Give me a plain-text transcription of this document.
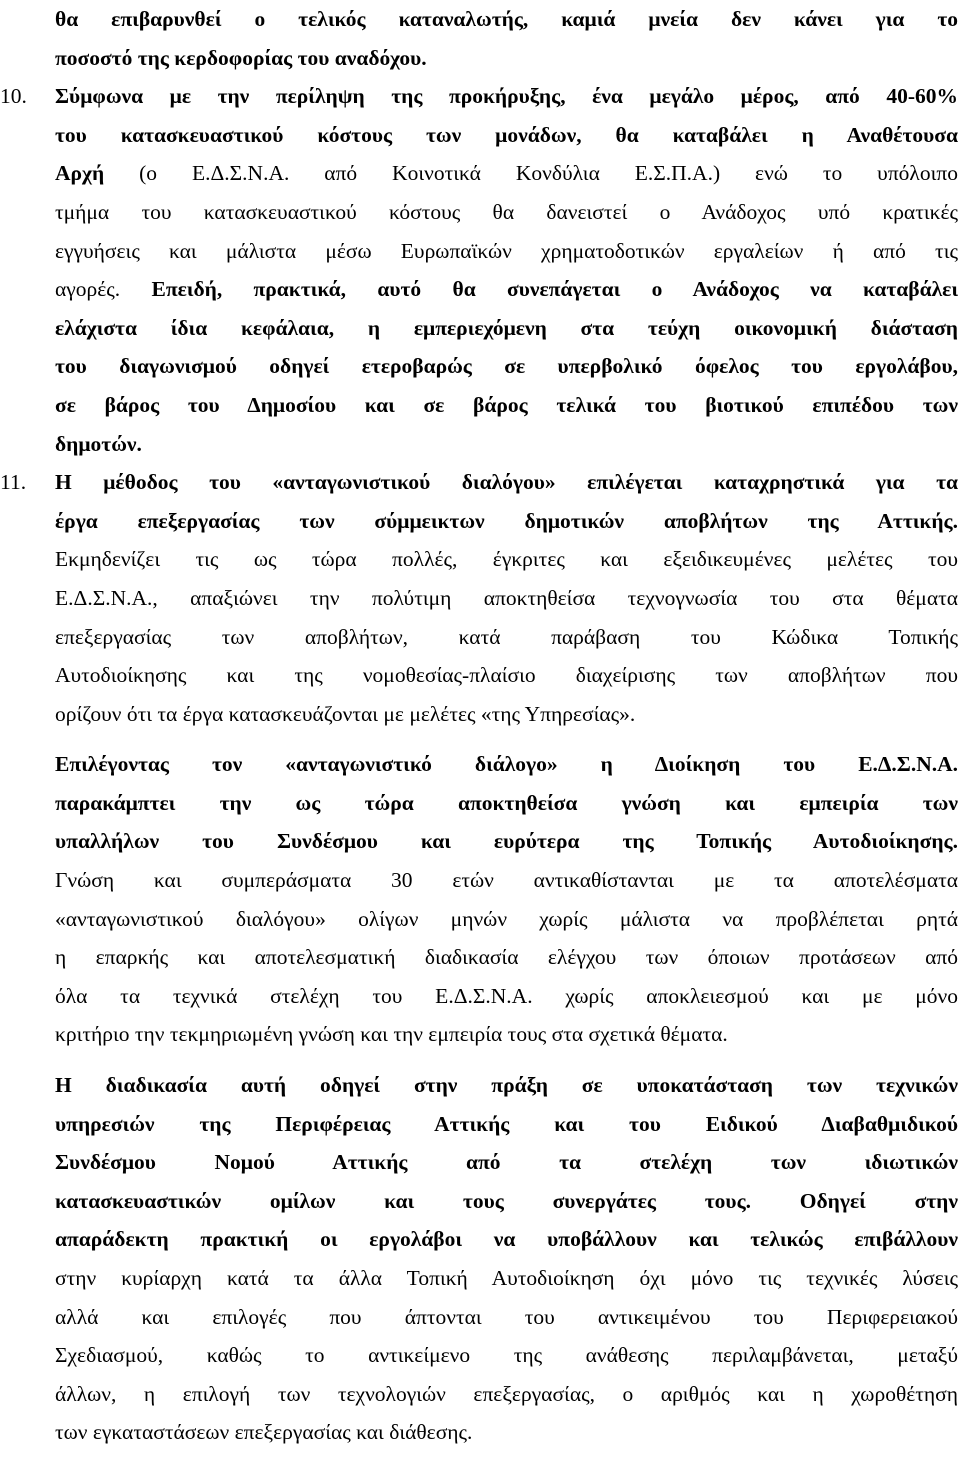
θα επιβαρυνθεί ο τελικός καταναλωτής, καμιά μνεία δεν κάνει για το
ποσοστό της κερδοφορίας του αναδόχου.
10.	Σύμφωνα με την περίληψη της προκήρυξης, ένα μεγάλο μέρος, από 40-60%
του κατασκευαστικού κόστους των μονάδων, θα καταβάλει η Αναθέτουσα
Αρχή (ο Ε.Δ.Σ.Ν.Α. από Κοινοτικά Κονδύλια Ε.Σ.Π.Α.) ενώ το υπόλοιπο
τμήμα του κατασκευαστικού κόστους θα δανειστεί ο Ανάδοχος υπό κρατικές
εγγυήσεις και μάλιστα μέσω Ευρωπαϊκών χρηματοδοτικών εργαλείων ή από τις
αγορές. Επειδή, πρακτικά, αυτό θα συνεπάγεται ο Ανάδοχος να καταβάλει
ελάχιστα ίδια κεφάλαια, η εμπεριεχόμενη στα τεύχη οικονομική διάσταση
του διαγωνισμού οδηγεί ετεροβαρώς σε υπερβολικό όφελος του εργολάβου,
σε βάρος του Δημοσίου και σε βάρος τελικά του βιοτικού επιπέδου των
δημοτών.
11.	Η μέθοδος του «ανταγωνιστικού διαλόγου» επιλέγεται καταχρηστικά για τα
έργα επεξεργασίας των σύμμεικτων δημοτικών αποβλήτων της Αττικής.
Εκμηδενίζει τις ως τώρα πολλές, έγκριτες και εξειδικευμένες μελέτες του
Ε.Δ.Σ.Ν.Α., απαξιώνει την πολύτιμη αποκτηθείσα τεχνογνωσία του στα θέματα
επεξεργασίας των αποβλήτων, κατά παράβαση του Κώδικα Τοπικής
Αυτοδιοίκησης και της νομοθεσίας-πλαίσιο διαχείρισης των αποβλήτων που
ορίζουν ότι τα έργα κατασκευάζονται με μελέτες «της Υπηρεσίας».
Επιλέγοντας τον «ανταγωνιστικό διάλογο» η Διοίκηση του Ε.Δ.Σ.Ν.Α.
παρακάμπτει την ως τώρα αποκτηθείσα γνώση και εμπειρία των
υπαλλήλων του Συνδέσμου και ευρύτερα της Τοπικής Αυτοδιοίκησης.
Γνώση και συμπεράσματα 30 ετών αντικαθίστανται με τα αποτελέσματα
«ανταγωνιστικού διαλόγου» ολίγων μηνών χωρίς μάλιστα να προβλέπεται ρητά
η επαρκής και αποτελεσματική διαδικασία ελέγχου των όποιων προτάσεων από
όλα τα τεχνικά στελέχη του Ε.Δ.Σ.Ν.Α. χωρίς αποκλειεσμού και με μόνο
κριτήριο την τεκμηριωμένη γνώση και την εμπειρία τους στα σχετικά θέματα.
Η διαδικασία αυτή οδηγεί στην πράξη σε υποκατάσταση των τεχνικών
υπηρεσιών της Περιφέρειας Αττικής και του Ειδικού Διαβαθμιδικού
Συνδέσμου Νομού Αττικής από τα στελέχη των ιδιωτικών
κατασκευαστικών ομίλων και τους συνεργάτες τους. Οδηγεί στην
απαράδεκτη πρακτική οι εργολάβοι να υποβάλλουν και τελικώς επιβάλλουν
στην κυρίαρχη κατά τα άλλα Τοπική Αυτοδιοίκηση όχι μόνο τις τεχνικές λύσεις
αλλά και επιλογές που άπτονται του αντικειμένου του Περιφερειακού
Σχεδιασμού, καθώς το αντικείμενο της ανάθεσης περιλαμβάνεται, μεταξύ
άλλων, η επιλογή των τεχνολογιών επεξεργασίας, ο αριθμός και η χωροθέτηση
των εγκαταστάσεων επεξεργασίας και διάθεσης.
